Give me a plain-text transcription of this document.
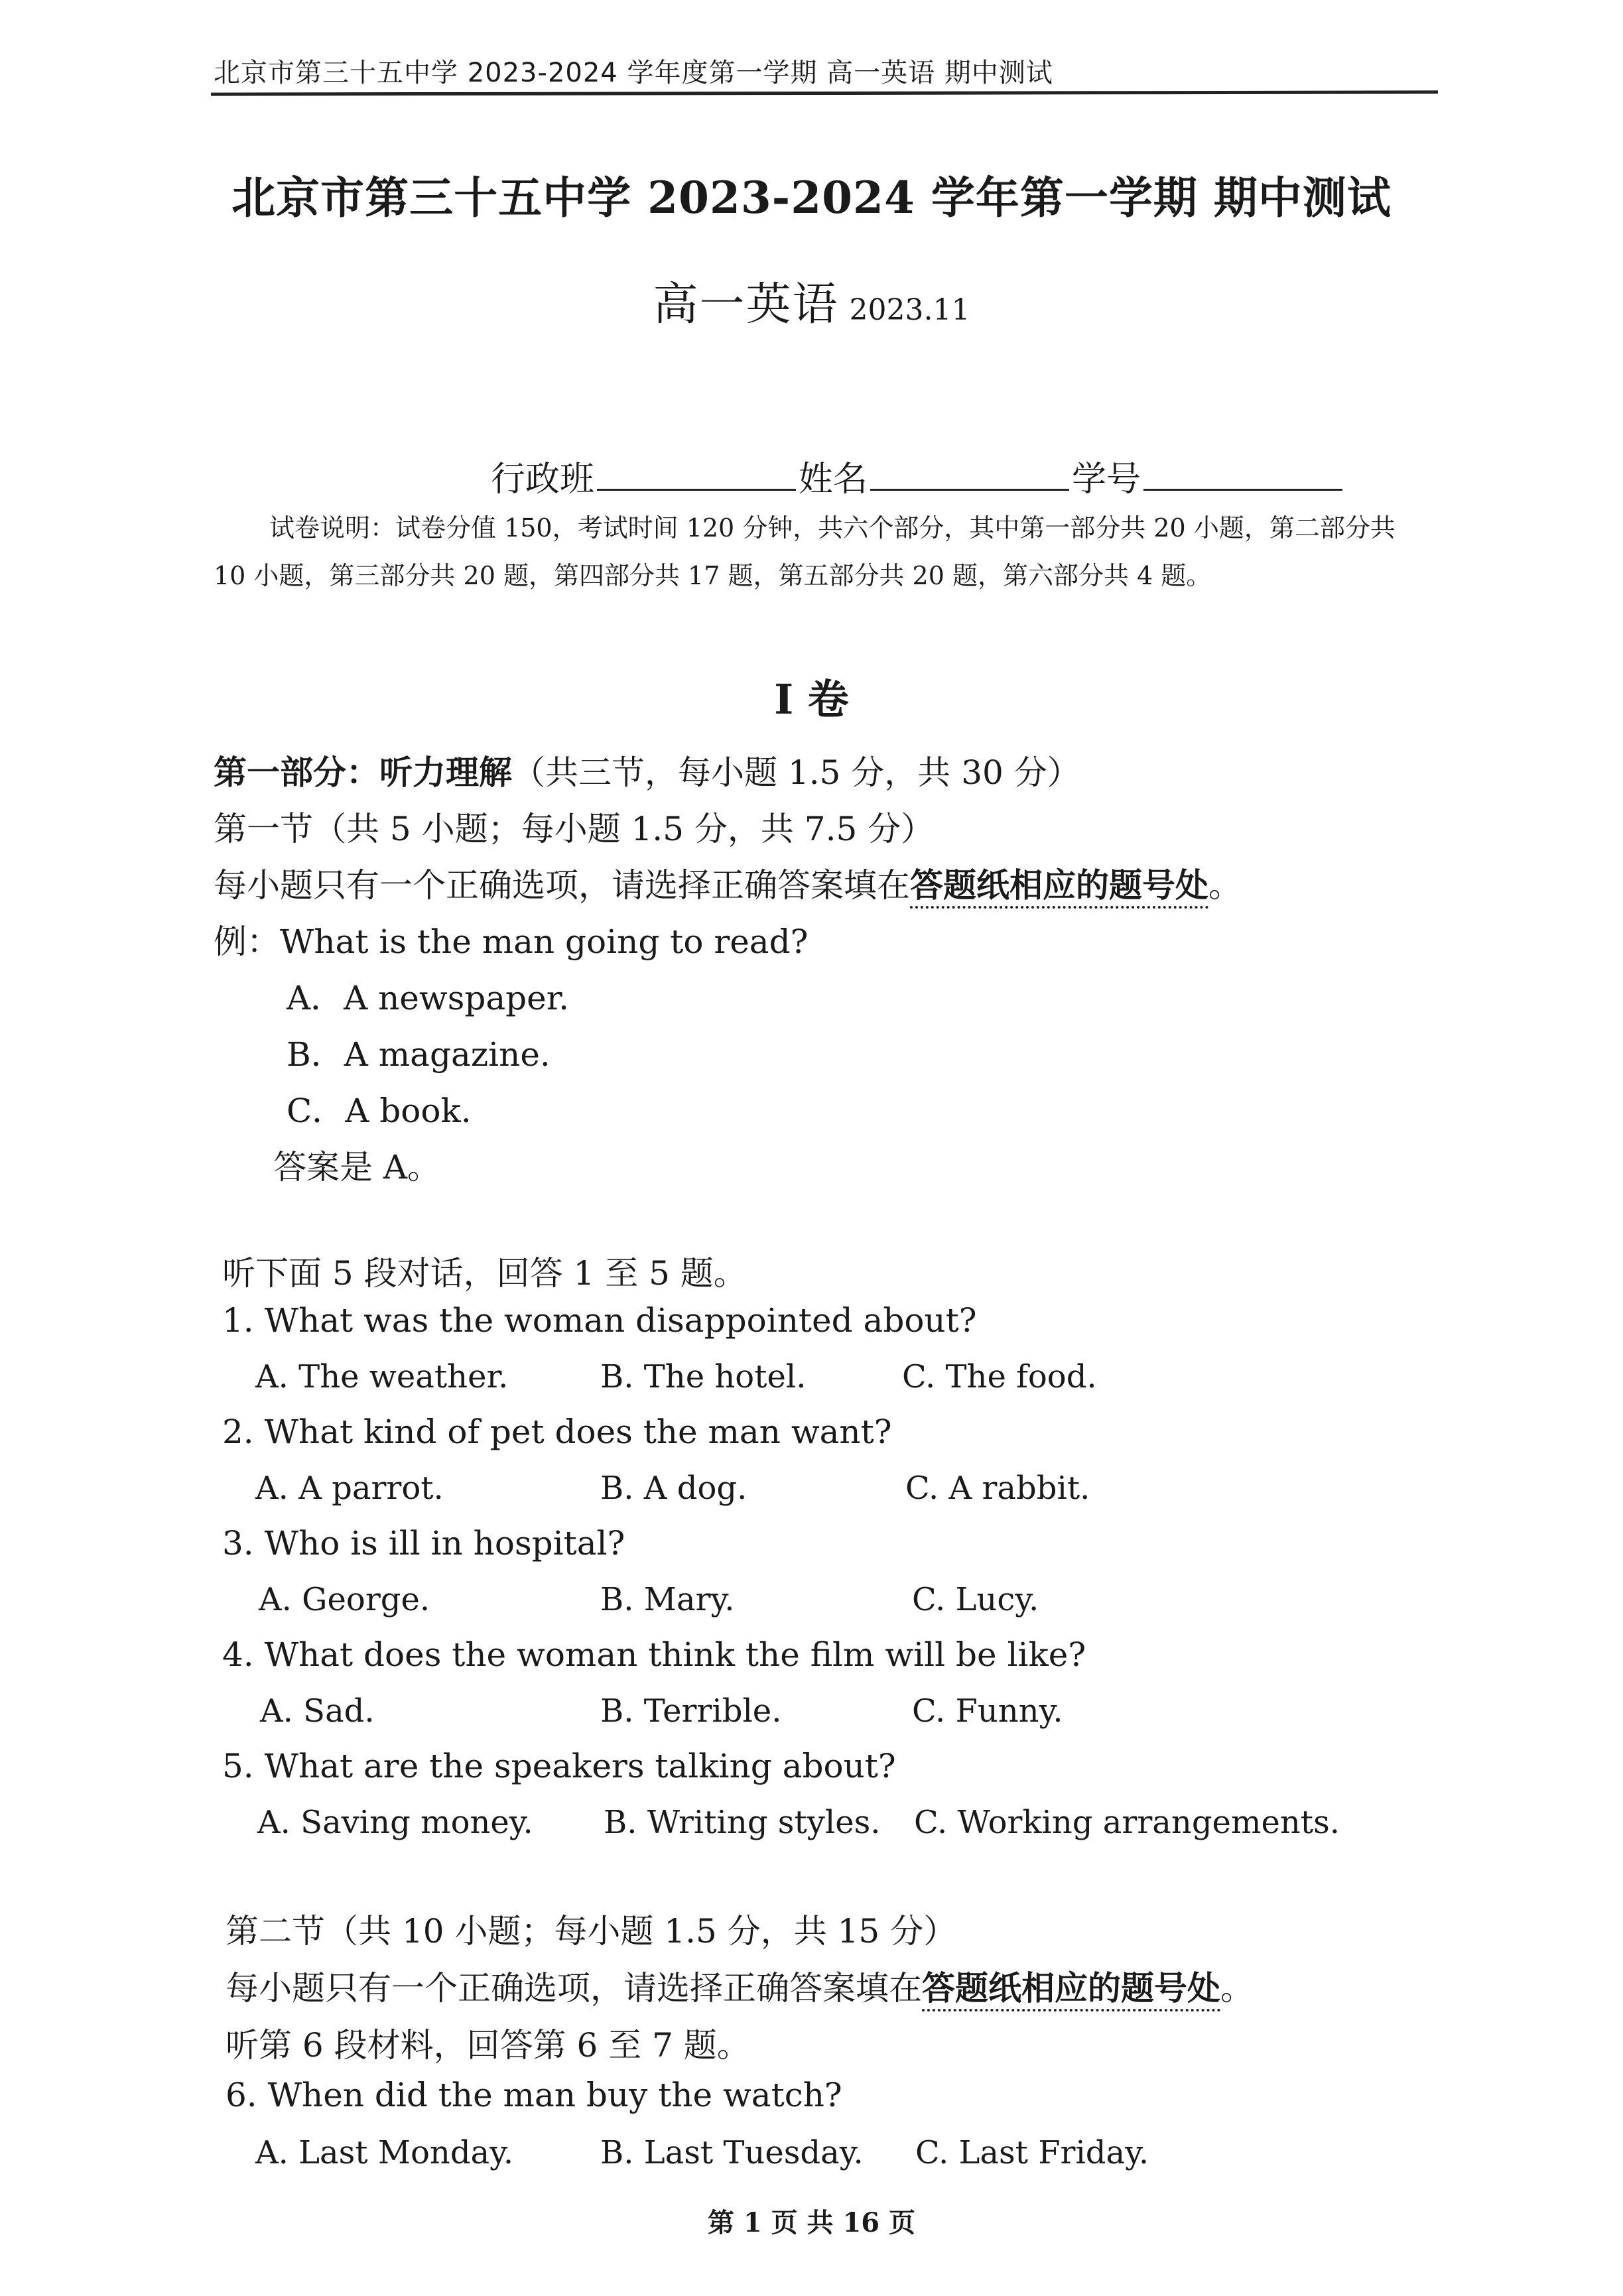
北京市第三十五中学 2023-2024 学年度第一学期 高一英语 期中测试
北京市第三十五中学 2023-2024 学年第一学期 期中测试
高一英语 2023.11
行政班	姓名	学号
试卷说明：试卷分值 150，考试时间 120 分钟，共六个部分，其中第一部分共 20 小题，第二部分共 10 小题，第三部分共 20 题，第四部分共 17 题，第五部分共 20 题，第六部分共 4 题。
I 卷
第一部分：听力理解（共三节，每小题 1.5 分，共 30 分）
第一节（共 5 小题；每小题 1.5 分，共 7.5 分）
每小题只有一个正确选项，请选择正确答案填在答题纸相应的题号处。
例：What is the man going to read?
A．A newspaper.
B．A magazine.
C．A book.
答案是 A。
听下面 5 段对话，回答 1 至 5 题。
1. What was the woman disappointed about?
A. The weather.	B. The hotel.	C. The food.
2. What kind of pet does the man want?
A. A parrot.	B. A dog.	C. A rabbit.
3. Who is ill in hospital?
A. George.	B. Mary.	C. Lucy.
4. What does the woman think the film will be like?
A. Sad.	B. Terrible.	C. Funny.
5. What are the speakers talking about?
A. Saving money. B. Writing styles. C. Working arrangements.
第二节（共 10 小题；每小题 1.5 分，共 15 分）
每小题只有一个正确选项，请选择正确答案填在答题纸相应的题号处。
听第 6 段材料，回答第 6 至 7 题。
6. When did the man buy the watch?
A. Last Monday.	B. Last Tuesday. C. Last Friday.
第 1 页 共 16 页
